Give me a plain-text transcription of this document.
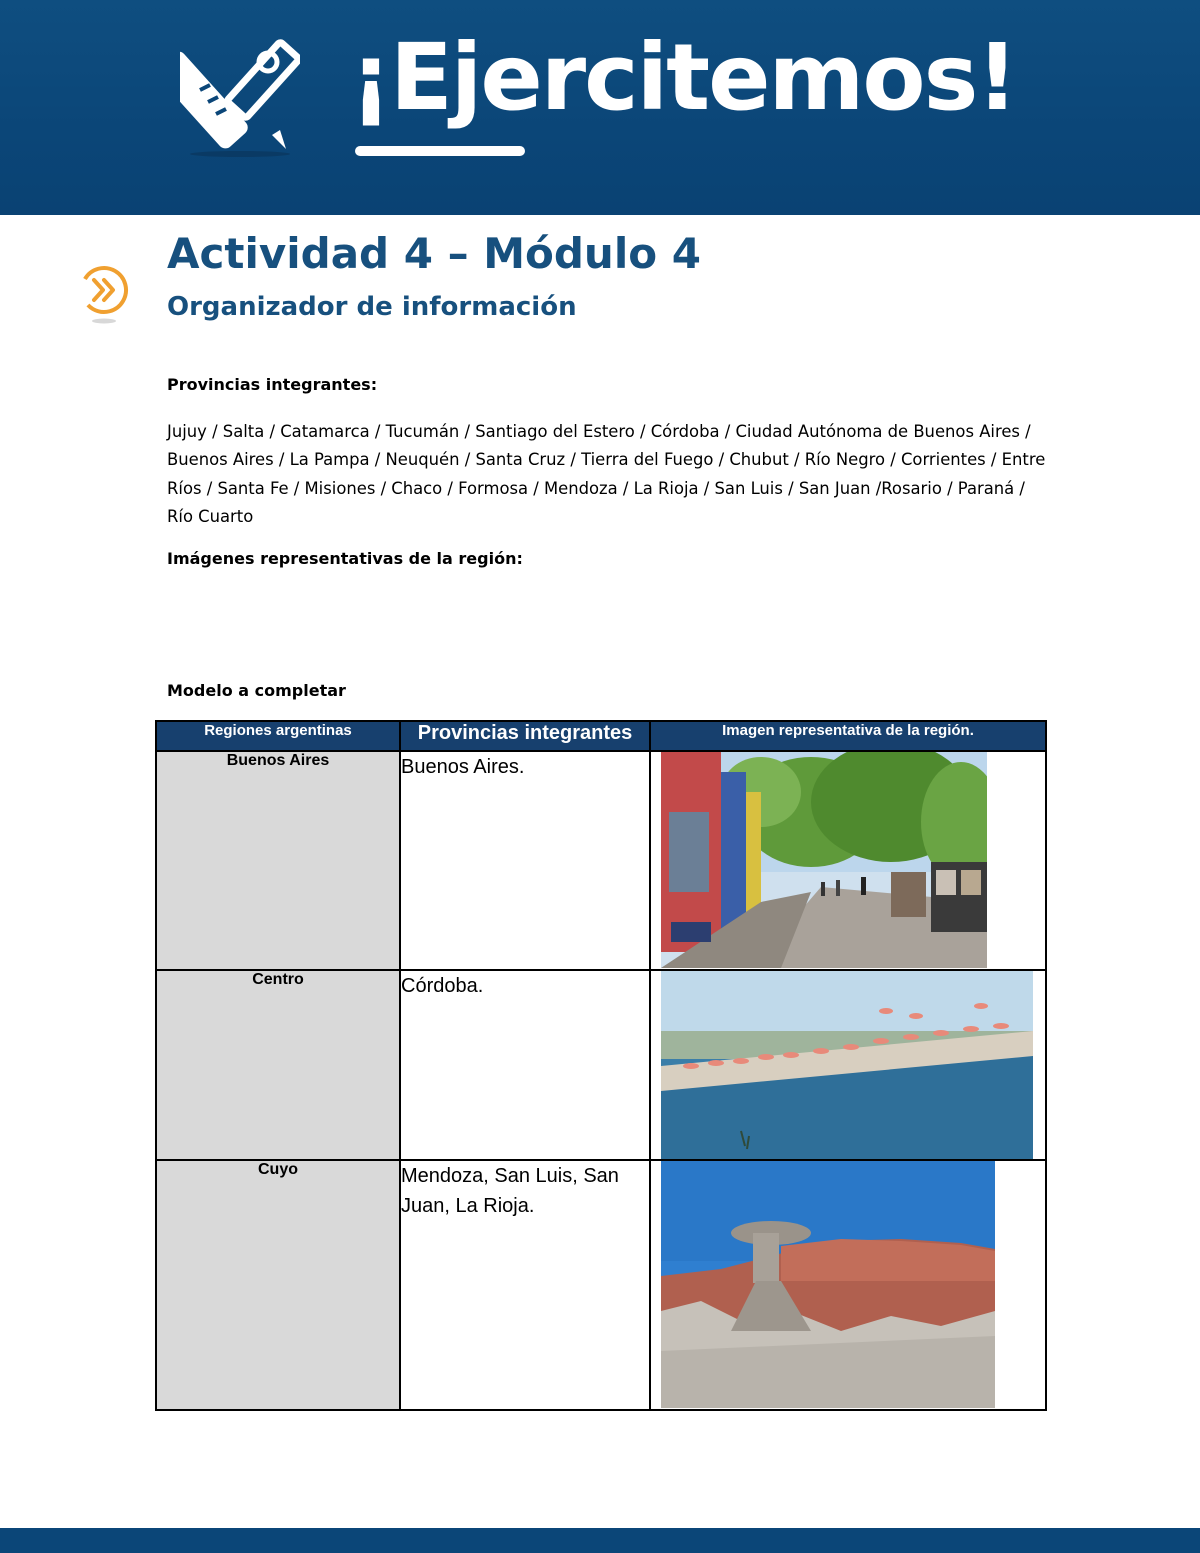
¡Ejercitemos!
Actividad 4 – Módulo 4
Organizador de información
Provincias integrantes:
Jujuy / Salta / Catamarca / Tucumán / Santiago del Estero / Córdoba / Ciudad Autónoma de Buenos Aires / Buenos Aires / La Pampa / Neuquén / Santa Cruz / Tierra del Fuego / Chubut / Río Negro / Corrientes / Entre Ríos / Santa Fe / Misiones / Chaco / Formosa / Mendoza / La Rioja / San Luis / San Juan /Rosario / Paraná / Río Cuarto
Imágenes representativas de la región:
Modelo a completar
Regiones argentinas	Provincias integrantes	Imagen representativa de la región.
Buenos Aires	Buenos Aires.	

Centro	Córdoba.	

Cuyo	Mendoza, San Luis, San Juan, La Rioja.	
